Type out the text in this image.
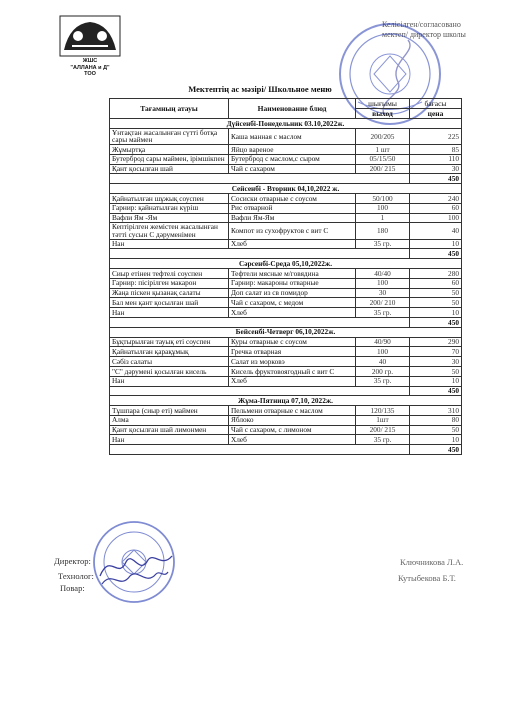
ЖШС
"АЛЛАНА и Д"
ТОО
Келісілген/согласовано
мектеп/ директор школы
Мектептің ас мәзірі/ Школьное меню
Тағамның атауы	Наименование блюд	шығымы	бағасы
		выход	цена
Дүйсенбі-Понедельник 03.10,2022ж.			
Ұнтақтан жасалынған сүтті ботқа сары маймен	Каша манная с маслом	200/205	225
Жұмыртқа	Яйцо вареное	1 шт	85
Бутерброд сары маймен, ірімшікпен	Бутерброд с маслом,с сыром	05/15/50	110
Қант қосылған шай	Чай с сахаром	200/ 215	30
			450
Сейсенбі - Вторник 04,10,2022 ж.			
Қайнатылған шұжық соуспен	Сосиски отварные с соусом	50/100	240
Гарнир: қайнатылған күріш	Рис отварной	100	60
Вафли Ям -Ям	Вафли Ям-Ям	1	100
Кептірілген жемістен жасалынған тәтті сусын С дәруменімен	Компот из сухофруктов с вит С	180	40
Нан	Хлеб	35 гр.	10
			450
Сәрсенбі-Среда 05,10,2022ж.			
Сиыр етінен тефтелі соуспен	Тефтели мясные м/говядина	40/40	280
Гарнир: пісірілген макарон	Гарнир: макароны отварные	100	60
Жаңа піскен қызанақ салаты	Доп салат из св помидор	30	50
Бал мен қант қосылған шай	Чай с сахаром, с медом	200/ 210	50
Нан	Хлеб	35 гр.	10
			450
Бейсенбі-Четверг 06,10,2022ж.			
Бұқтырылған тауық еті соуспен	Куры отварные с соусом	40/90	290
Қайнатылған қарақұмық	Гречка отварная	100	70
Сәбіз салаты	Салат из морковэ	40	30
"С" дәрумені қосылған кисель	Кисель фруктовоягодный с вит С	200 гр.	50
Нан	Хлеб	35 гр.	10
			450
Жұма-Пятница 07,10, 2022ж.			
Тұшпара (сиыр еті) маймен	Пельмени отварные с маслом	120/135	310
Алма	Яблоко	1шт	80
Қант қосылған шай лимонмен	Чай с сахаром, с лимоном	200/ 215	50
Нан	Хлеб	35 гр.	10
			450
Директор:
Технолог:
Повар:
Ключникова Л.А.
Кутыбекова Б.Т.
